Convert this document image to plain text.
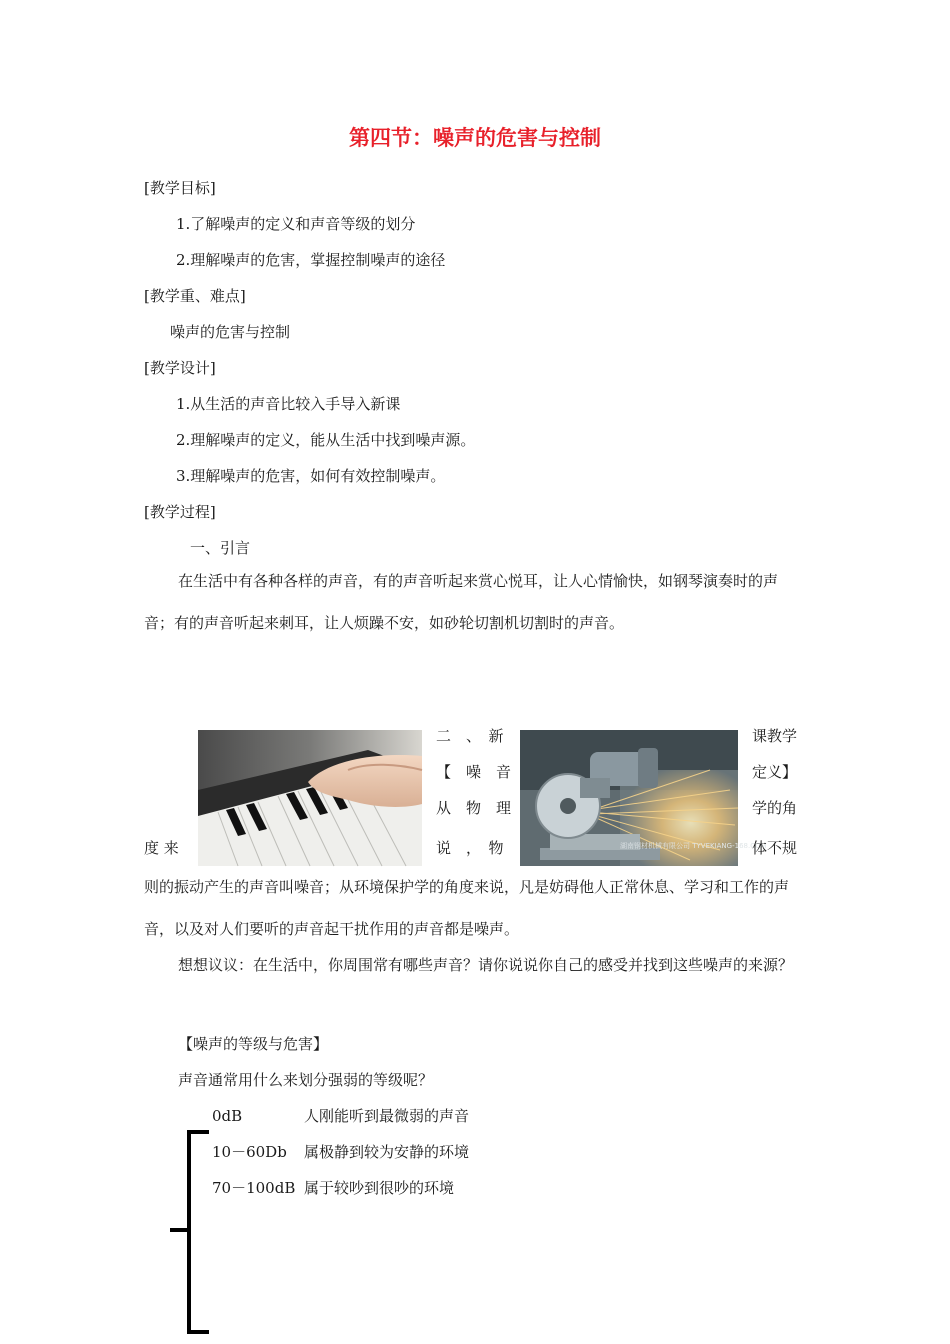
第四节：噪声的危害与控制
[教学目标]
1.了解噪声的定义和声音等级的划分
2.理解噪声的危害，掌握控制噪声的途径
[教学重、难点]
噪声的危害与控制
[教学设计]
1.从生活的声音比较入手导入新课
2.理解噪声的定义，能从生活中找到噪声源。
3.理解噪声的危害，如何有效控制噪声。
[教学过程]
一、引言
在生活中有各种各样的声音，有的声音听起来赏心悦耳，让人心情愉快，如钢琴演奏时的声音；有的声音听起来刺耳，让人烦躁不安，如砂轮切割机切割时的声音。
二　、　新
【　噪　音
从　物　理
说　，　物	湖南钢材机械有限公司 TYVEKIANG-168.COM
课教学
定义】
学的角
体不规
度 来
则的振动产生的声音叫噪音；从环境保护学的角度来说，凡是妨碍他人正常休息、学习和工作的声音，以及对人们要听的声音起干扰作用的声音都是噪声。
想想议议：在生活中，你周围常有哪些声音？请你说说你自己的感受并找到这些噪声的来源？
【噪声的等级与危害】
声音通常用什么来划分强弱的等级呢？
0dB	人刚能听到最微弱的声音
10－60Db 属极静到较为安静的环境
70－100dB 属于较吵到很吵的环境
